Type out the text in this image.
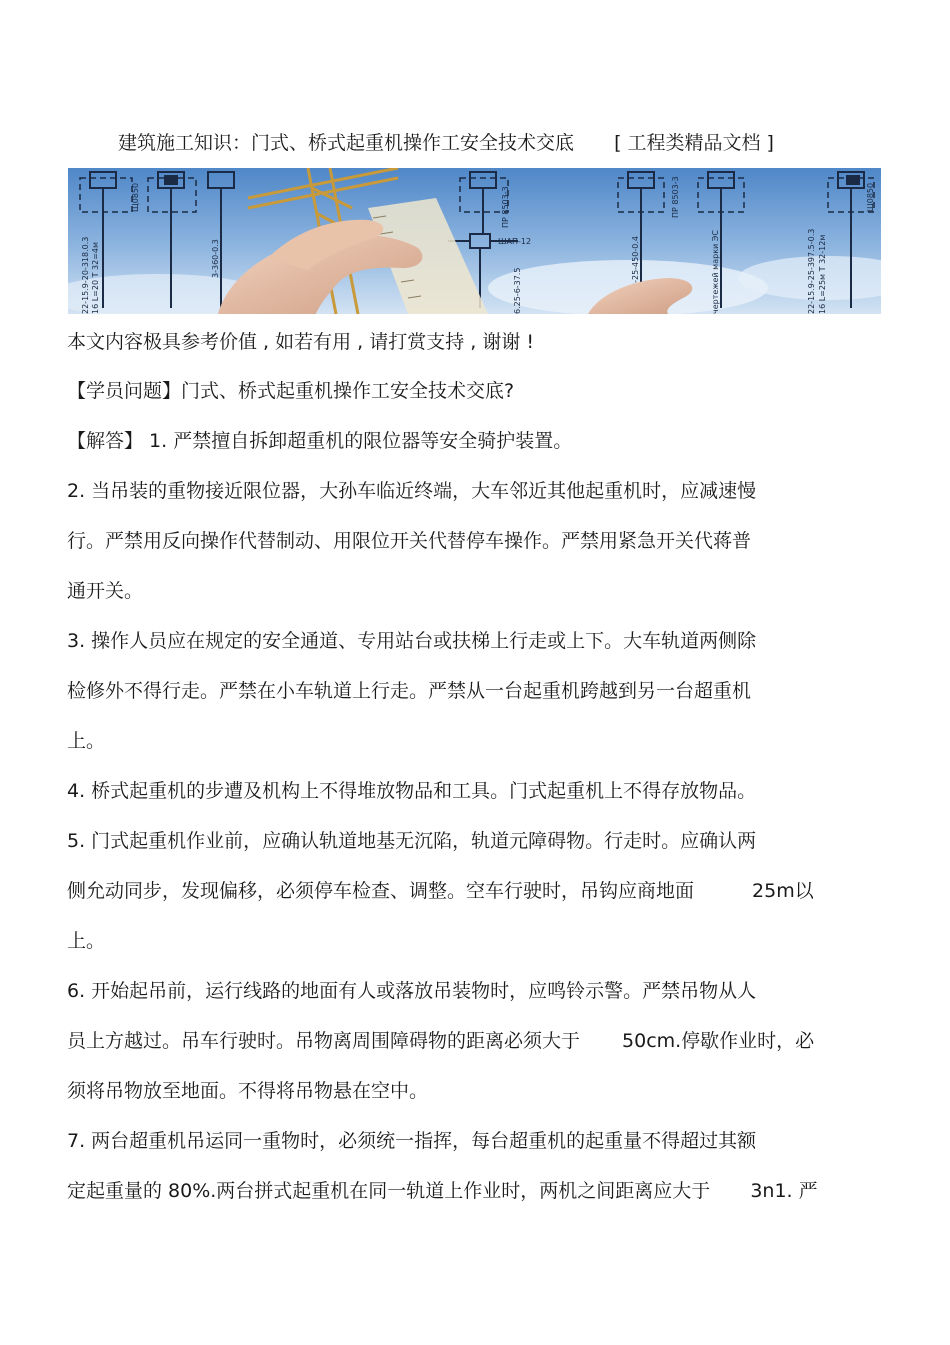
建筑施工知识：门式、桥式起重机操作工安全技术交底 [ 工程类精品文档 ]
22-15.9-20-318.0.3 16 L=20 T 32=4м
Щ0850
3-360-0.3
ПР 8503-3
ШАП-12
6.25-6-37.5
0-25-450-0.4
ПР 8503-3
чертежей марки ЭС
Щ0850
22-15.9-25-397.5-0.3 16 L=25м T 32-12м
本文内容极具参考价值 , 如若有用 , 请打赏支持 , 谢谢 !
【学员问题】门式、桥式起重机操作工安全技术交底?
【解答】 1. 严禁擅自拆卸超重机的限位器等安全骑护装置。
2. 当吊装的重物接近限位器，大孙车临近终端，大车邻近其他起重机时，应减速慢
行。严禁用反向操作代替制动、用限位开关代替停车操作。严禁用紧急开关代蒋普
通开关。
3. 操作人员应在规定的安全通道、专用站台或扶梯上行走或上下。大车轨道两侧除
检修外不得行走。严禁在小车轨道上行走。严禁从一台起重机跨越到另一台超重机
上。
4. 桥式起重机的步遭及机构上不得堆放物品和工具。门式起重机上不得存放物品。
5. 门式起重机作业前，应确认轨道地基无沉陷，轨道元障碍物。行走时。应确认两
侧允动同步，发现偏移，必须停车检查、调整。空车行驶时，吊钩应商地面	25m以
上。
6. 开始起吊前，运行线路的地面有人或落放吊装物时，应鸣铃示警。严禁吊物从人
员上方越过。吊车行驶时。吊物离周围障碍物的距离必须大于 50cm.停歇作业时，必
须将吊物放至地面。不得将吊物悬在空中。
7. 两台超重机吊运同一重物时，必须统一指挥，每台超重机的起重量不得超过其额
定起重量的 80%.两台拼式起重机在同一轨道上作业时，两机之间距离应大于 3n1. 严
